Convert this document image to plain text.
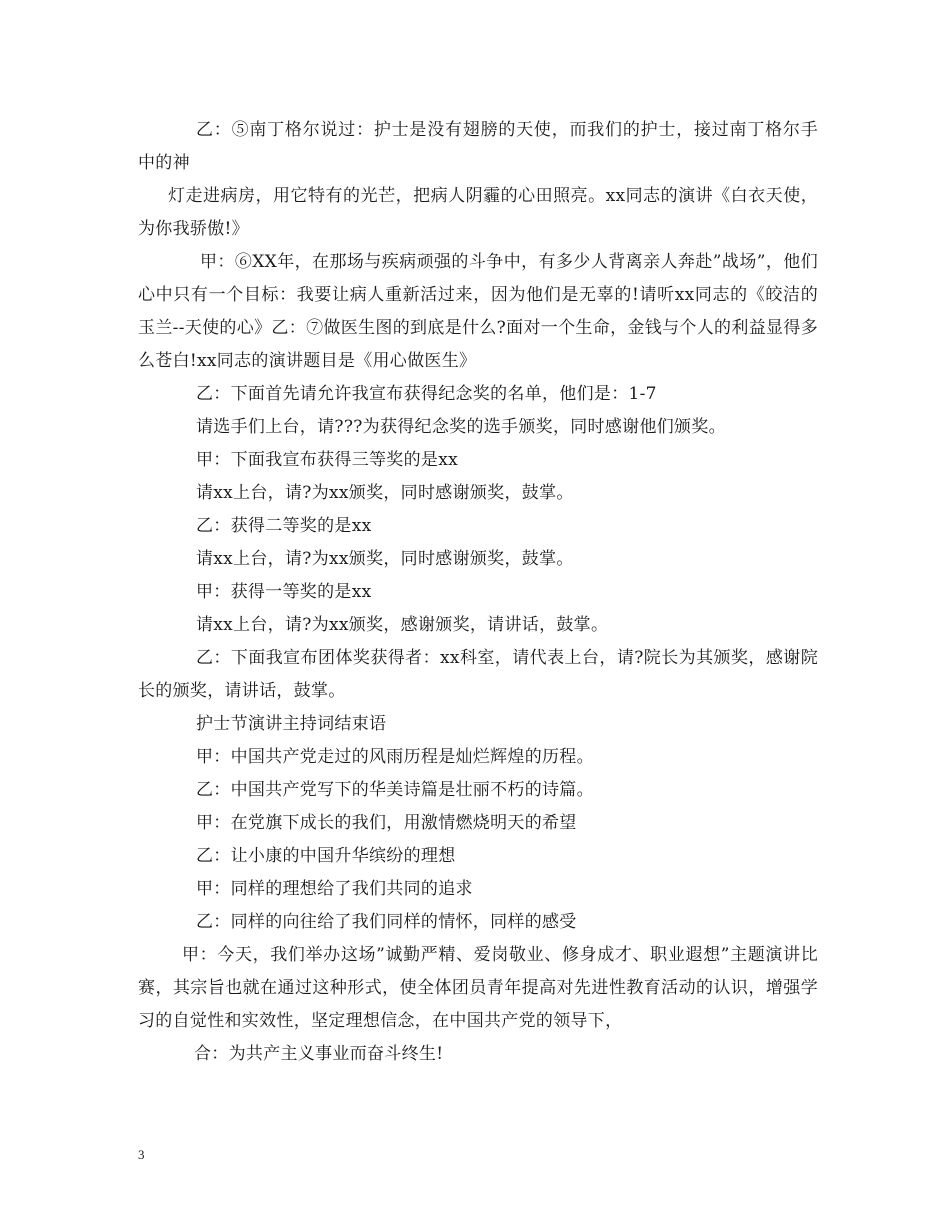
乙：⑤南丁格尔说过：护士是没有翅膀的天使，而我们的护士，接过南丁格尔手中的神

灯走进病房，用它特有的光芒，把病人阴霾的心田照亮。xx同志的演讲《白衣天使，为你我骄傲!》

甲：⑥XX年，在那场与疾病顽强的斗争中，有多少人背离亲人奔赴”战场”，他们心中只有一个目标：我要让病人重新活过来，因为他们是无辜的!请听xx同志的《皎洁的玉兰--天使的心》乙：⑦做医生图的到底是什么?面对一个生命，金钱与个人的利益显得多么苍白!xx同志的演讲题目是《用心做医生》

乙：下面首先请允许我宣布获得纪念奖的名单，他们是：1-7

请选手们上台，请???为获得纪念奖的选手颁奖，同时感谢他们颁奖。

甲：下面我宣布获得三等奖的是xx

请xx上台，请?为xx颁奖，同时感谢颁奖，鼓掌。

乙：获得二等奖的是xx

请xx上台，请?为xx颁奖，同时感谢颁奖，鼓掌。

甲：获得一等奖的是xx

请xx上台，请?为xx颁奖，感谢颁奖，请讲话，鼓掌。

乙：下面我宣布团体奖获得者：xx科室，请代表上台，请?院长为其颁奖，感谢院长的颁奖，请讲话，鼓掌。

护士节演讲主持词结束语

甲：中国共产党走过的风雨历程是灿烂辉煌的历程。

乙：中国共产党写下的华美诗篇是壮丽不朽的诗篇。

甲：在党旗下成长的我们，用激情燃烧明天的希望

乙：让小康的中国升华缤纷的理想

甲：同样的理想给了我们共同的追求

乙：同样的向往给了我们同样的情怀，同样的感受

甲：今天，我们举办这场”诚勤严精、爱岗敬业、修身成才、职业遐想”主题演讲比赛，其宗旨也就在通过这种形式，使全体团员青年提高对先进性教育活动的认识，增强学习的自觉性和实效性，坚定理想信念，在中国共产党的领导下，

合：为共产主义事业而奋斗终生!

3
